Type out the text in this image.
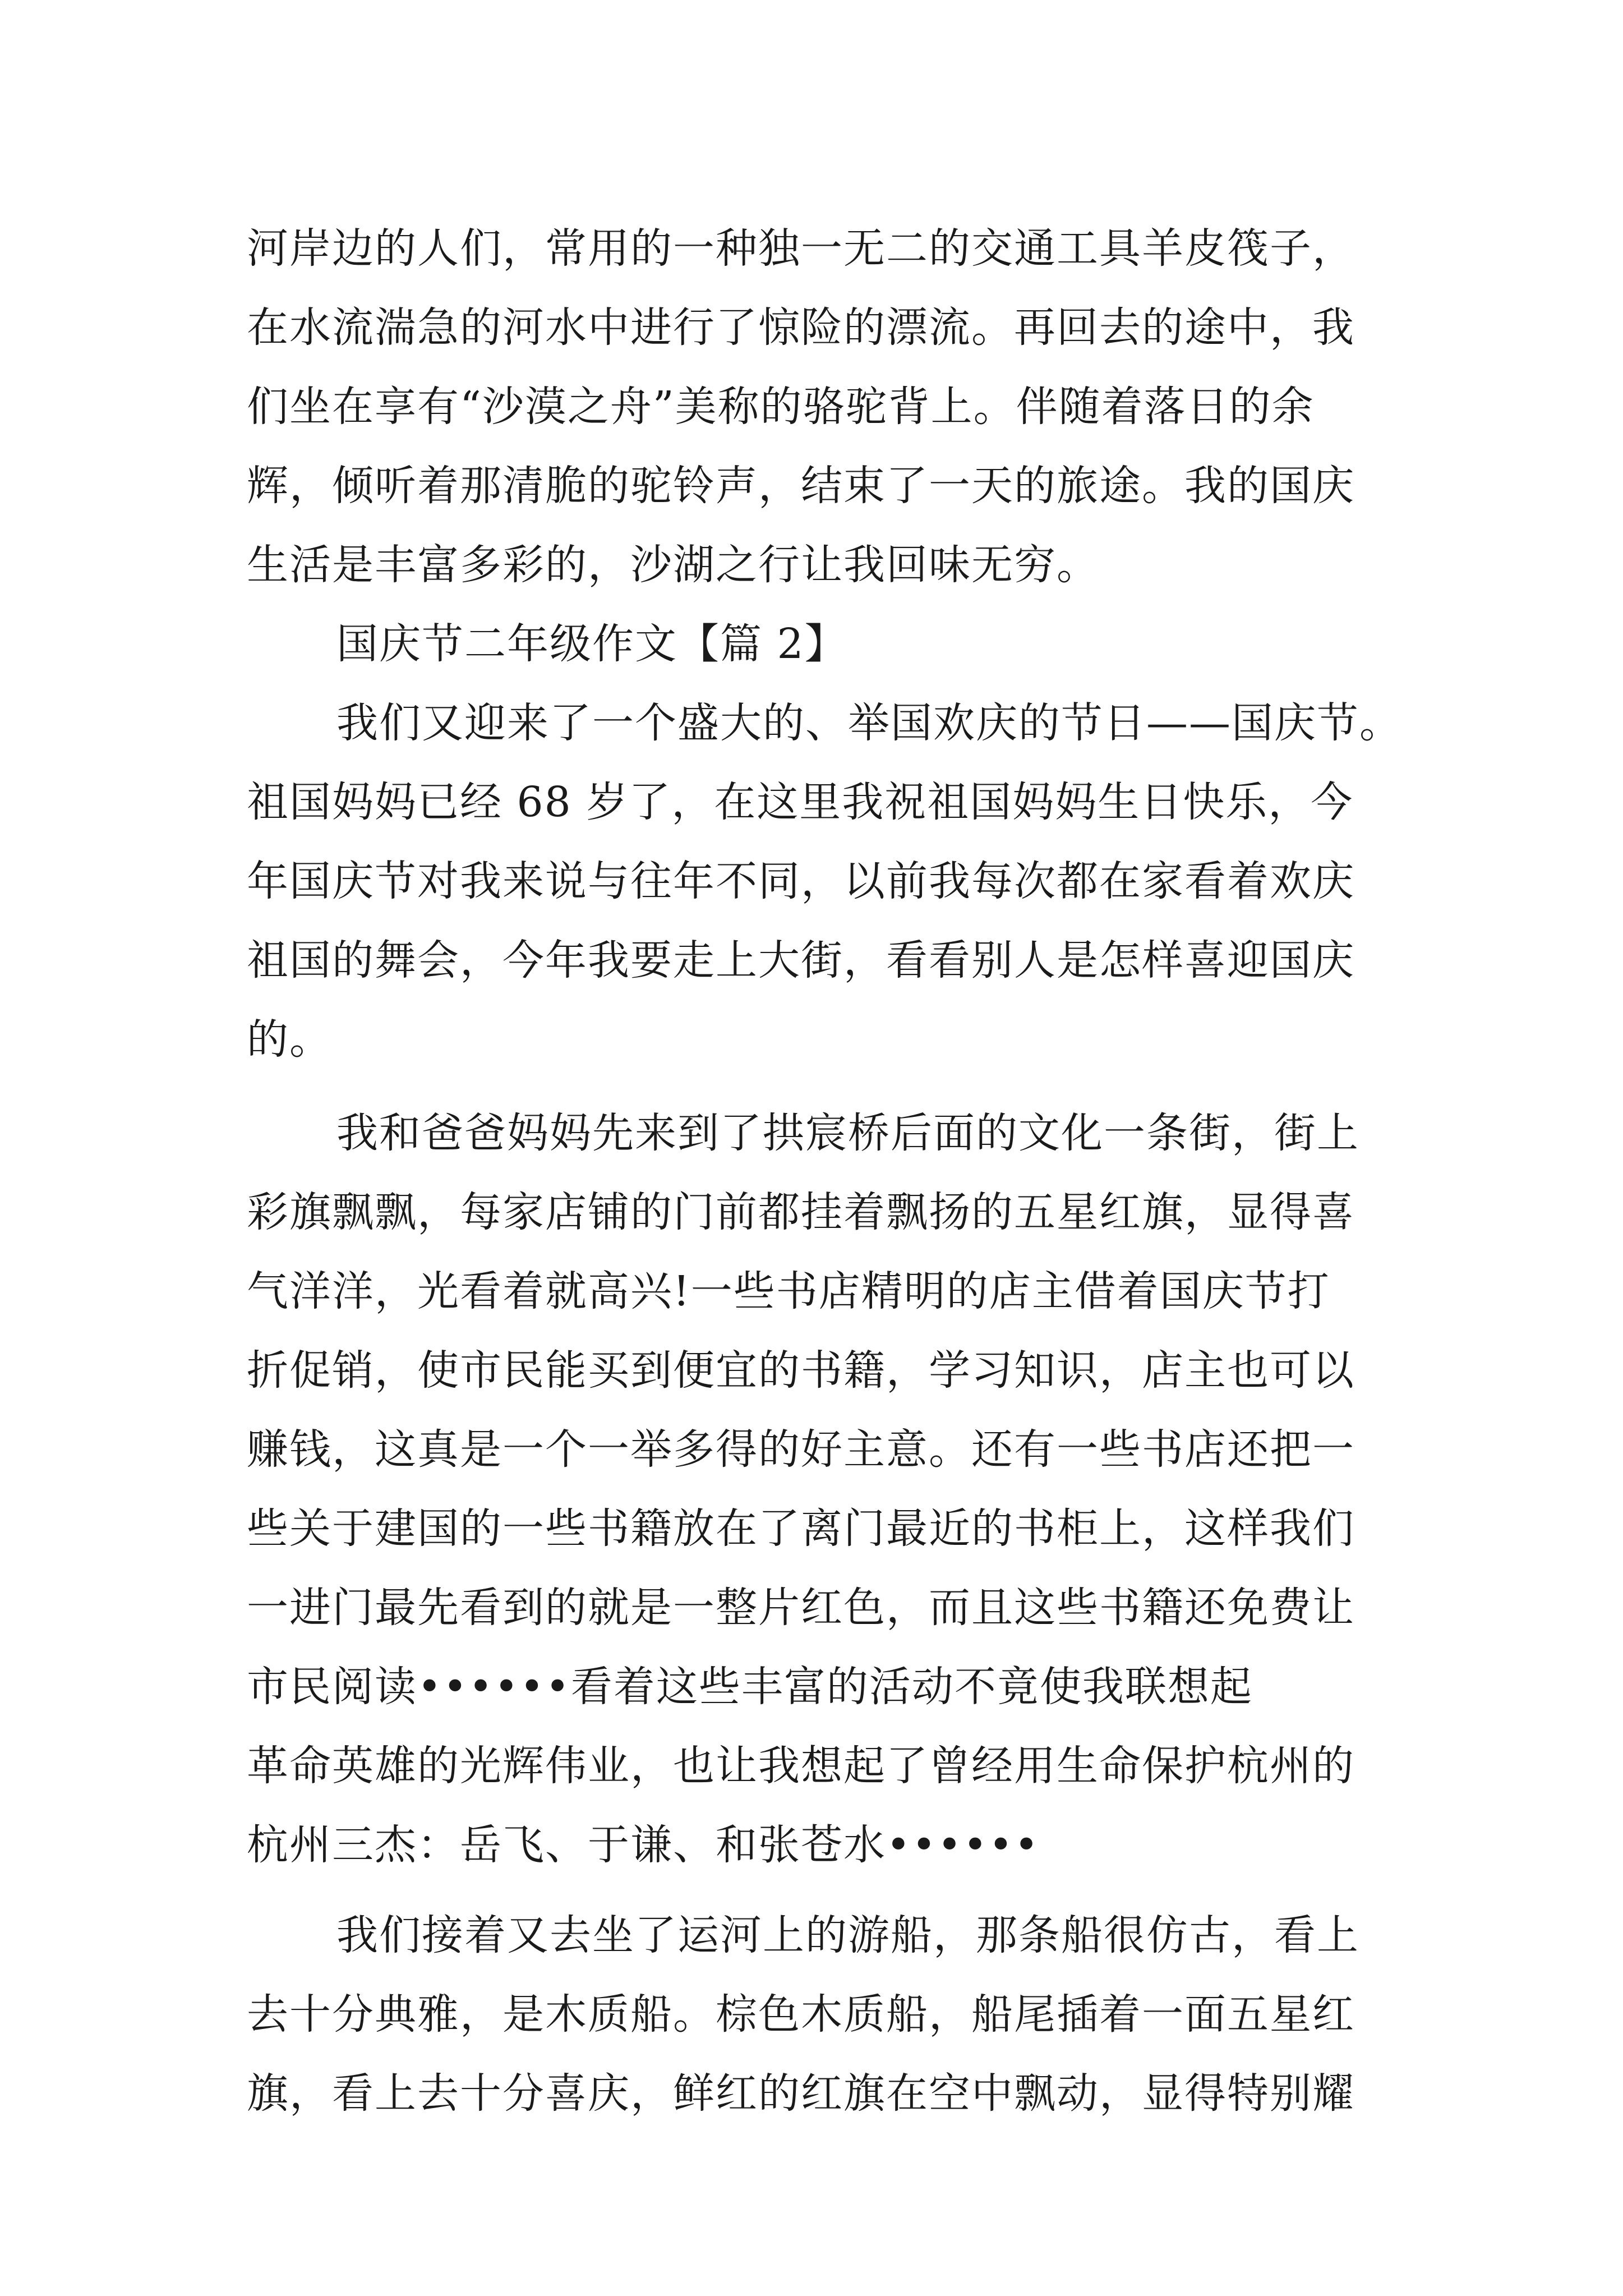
河岸边的人们，常用的一种独一无二的交通工具羊皮筏子，
在水流湍急的河水中进行了惊险的漂流。再回去的途中，我
们坐在享有“沙漠之舟”美称的骆驼背上。伴随着落日的余
辉，倾听着那清脆的驼铃声，结束了一天的旅途。我的国庆
生活是丰富多彩的，沙湖之行让我回味无穷。
国庆节二年级作文【篇 2】
我们又迎来了一个盛大的、举国欢庆的节日——国庆节。
祖国妈妈已经 68 岁了，在这里我祝祖国妈妈生日快乐，今
年国庆节对我来说与往年不同，以前我每次都在家看着欢庆
祖国的舞会，今年我要走上大街，看看别人是怎样喜迎国庆
的。
我和爸爸妈妈先来到了拱宸桥后面的文化一条街，街上
彩旗飘飘，每家店铺的门前都挂着飘扬的五星红旗，显得喜
气洋洋，光看着就高兴!一些书店精明的店主借着国庆节打
折促销，使市民能买到便宜的书籍，学习知识，店主也可以
赚钱，这真是一个一举多得的好主意。还有一些书店还把一
些关于建国的一些书籍放在了离门最近的书柜上，这样我们
一进门最先看到的就是一整片红色，而且这些书籍还免费让
市民阅读••••••看着这些丰富的活动不竟使我联想起
革命英雄的光辉伟业，也让我想起了曾经用生命保护杭州的
杭州三杰：岳飞、于谦、和张苍水••••••
我们接着又去坐了运河上的游船，那条船很仿古，看上
去十分典雅，是木质船。棕色木质船，船尾插着一面五星红
旗，看上去十分喜庆，鲜红的红旗在空中飘动，显得特别耀
